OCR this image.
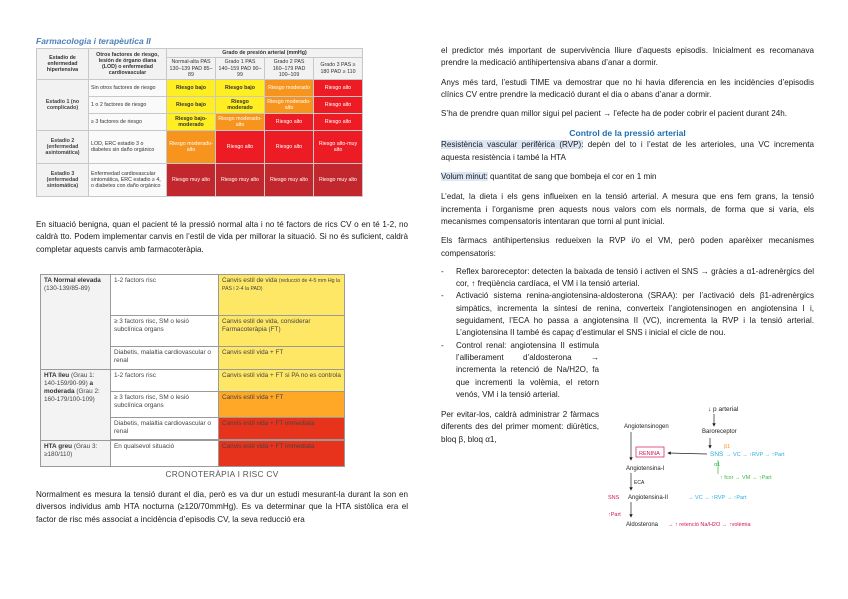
Farmacologia i terapèutica II
Estadio de enfermedad hipertensiva	Otros factores de riesgo, lesión de órgano diana (LOD) o enfermedad cardiovascular	Grado de presión arterial (mmHg)			
		Normal-alta PAS 130–139 PAD 85–89	Grado 1 PAS 140–159 PAD 90–99	Grado 2 PAS 160–179 PAD 100–109	Grado 3 PAS ≥ 180 PAD ≥ 110
Estadio 1 (no complicado)	Sin otros factores de riesgo	Riesgo bajo	Riesgo bajo	Riesgo moderado	Riesgo alto
	1 o 2 factores de riesgo	Riesgo bajo	Riesgo moderado	Riesgo moderado-alto	Riesgo alto
	≥ 3 factores de riesgo	Riesgo bajo-moderado	Riesgo moderado-alto	Riesgo alto	Riesgo alto
Estadio 2 (enfermedad asintomática)	LOD, ERC estadio 3 o diabetes sin daño orgánico	Riesgo moderado-alto	Riesgo alto	Riesgo alto	Riesgo alto-muy alto
Estadio 3 (enfermedad sintomática)	Enfermedad cardiovascular sintomática, ERC estadio ≥ 4, o diabetes con daño orgánico	Riesgo muy alto	Riesgo muy alto	Riesgo muy alto	Riesgo muy alto

En situació benigna, quan el pacient té la pressió normal alta i no té factors de rics CV o en té 1-2, no caldrà tto. Podem implementar canvis en l’estil de vida per millorar la situació. Si no és suficient, caldrà completar aquests canvis amb farmacoteràpia.

TA Normal elevada
(130-139/85-89)	1-2 factors risc	Canvis estil de vida (reducció de 4-5 mm Hg la PAS i 2-4 la PAD)
	≥ 3 factors risc, SM o lesió subclínica organs	Canvis estil de vida, considerar Farmacoteràpia (FT)
	Diabetis, malaltia cardiovascular o renal	Canvis estil vida + FT
HTA lleu (Grau 1: 140-159/90-99) a moderada (Grau 2: 160-179/100-109)	1-2 factors risc	Canvis estil vida + FT si PA no es controla
	≥ 3 factors risc, SM o lesió subclínica organs	Canvis estil vida + FT
	Diabetis, malaltia cardiovascular o renal	Canvis estil vida + FT immediata

HTA greu (Grau 3: ≥180/110)	En qualsevol situació	Canvis estil vida + FT immediata
CRONOTERÀPIA I RISC CV

Normalment es mesura la tensió durant el dia, però es va dur un estudi mesurant-la durant la son en diversos individus amb HTA nocturna (≥120/70mmHg). Es va determinar que la HTA sistòlica era el factor de risc més associat a incidència d’episodis CV, la seva reducció era

el predictor més important de supervivència lliure d’aquests episodis. Inicialment es recomanava prendre la medicació antihipertensiva abans d’anar a dormir.

Anys més tard, l’estudi TIME va demostrar que no hi havia diferencia en les incidències d’episodis clínics CV entre prendre la medicació durant el dia o abans d’anar a dormir.

S’ha de prendre quan millor sigui pel pacient → l’efecte ha de poder cobrir el pacient durant 24h.

Control de la pressió arterial

Resistència vascular perifèrica (RVP): depèn del to i l’estat de les arterioles, una VC incrementa aquesta resistència i també la HTA

Volum minut: quantitat de sang que bombeja el cor en 1 min

L’edat, la dieta i els gens influeixen en la tensió arterial. A mesura que ens fem grans, la tensió incrementa i l’organisme pren aquests nous valors com els normals, de forma que si varia, els mecanismes compensatoris intentaran que torni al punt inicial.

Els fàrmacs antihipertensius redueixen la RVP i/o el VM, però poden aparèixer mecanismes compensatoris:

- Reflex baroreceptor: detecten la baixada de tensió i activen el SNS → gràcies a α1-adrenèrgics del cor, ↑ freqüència cardíaca, el VM i la tensió arterial.
- Activació sistema renina-angiotensina-aldosterona (SRAA): per l’activació dels β1-adrenèrgics simpàtics, incrementa la síntesi de renina, converteix l’angiotensinogen en angiotensina I i, seguidament, l’ECA ho passa a angiotensina II (VC), incrementa la RVP i la tensió arterial. L’angiotensina II també és capaç d’estimular el SNS i inicial el cicle de nou.
- Control renal: angiotensina II estimula l’alliberament d’aldosterona → incrementa la retenció de Na/H2O, fa que incrementi la volèmia, el retorn venós, VM i la tensió arterial.

Per evitar-los, caldrà administrar 2 fàrmacs diferents des del primer moment: diürètics, bloq β, bloq α1,

↓ p arterial
Baroreceptor
Angiotensinogen
RENINA
β1
SNS → VC → ↑RVP → ↑Part
α1
↑ fcor → VM → ↑Part
Angiotensina-I
ECA
SNS Angiotensina-II	→ VC → ↑RVP → ↑Part
↑Part
Aldosterona → ↑ retenció Na/H2O → ↑volèmia
